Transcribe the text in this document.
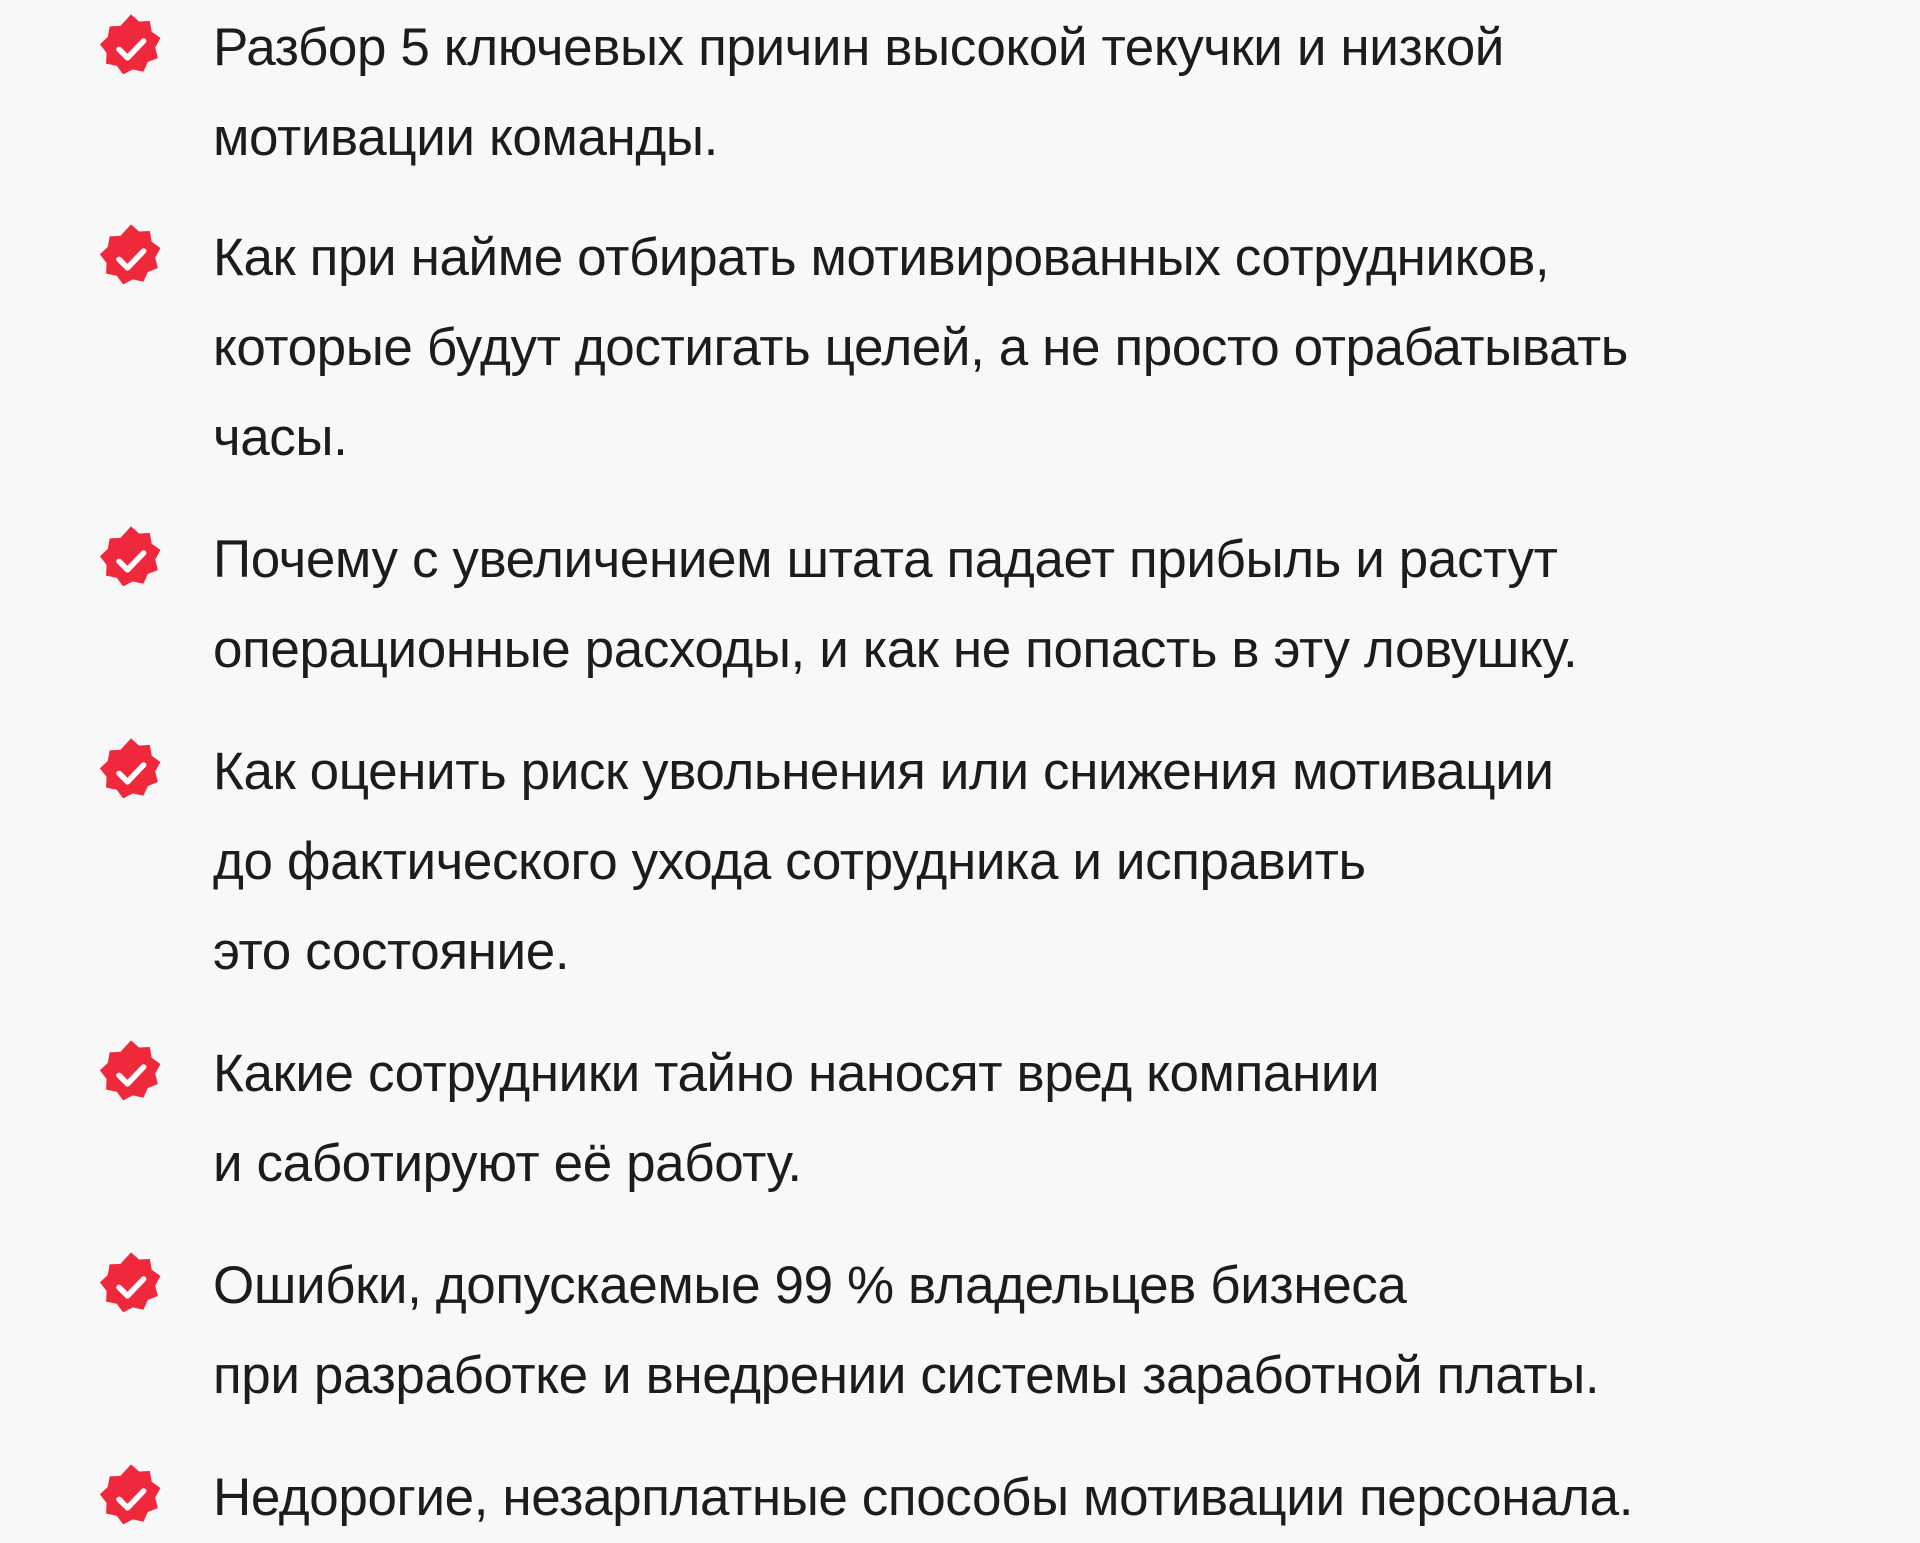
Разбор 5 ключевых причин высокой текучки и низкой
мотивации команды.

Как при найме отбирать мотивированных сотрудников,
которые будут достигать целей, а не просто отрабатывать
часы.

Почему с увеличением штата падает прибыль и растут
операционные расходы, и как не попасть в эту ловушку.

Как оценить риск увольнения или снижения мотивации
до фактического ухода сотрудника и исправить
это состояние.

Какие сотрудники тайно наносят вред компании
и саботируют её работу.

Ошибки, допускаемые 99 % владельцев бизнеса
при разработке и внедрении системы заработной платы.

Недорогие, незарплатные способы мотивации персонала.
